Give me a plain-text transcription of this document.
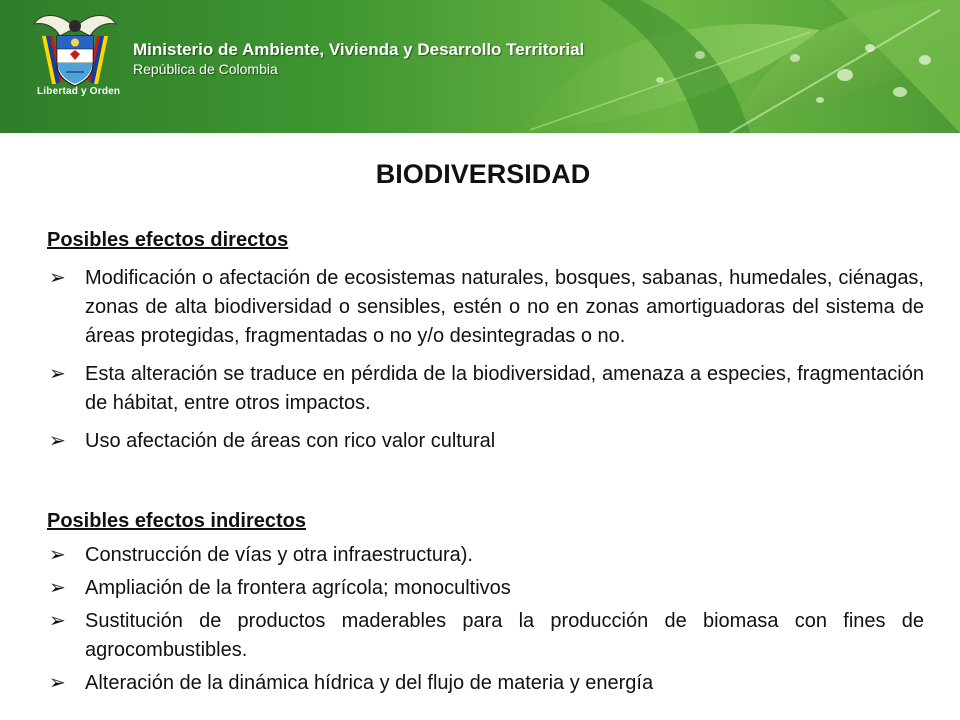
Libertad y Orden
Ministerio de Ambiente, Vivienda y Desarrollo Territorial
República de Colombia
BIODIVERSIDAD
Posibles efectos directos
➢ Modificación o afectación de ecosistemas naturales, bosques, sabanas, humedales, ciénagas, zonas de alta biodiversidad o sensibles, estén o no en zonas amortiguadoras del sistema de áreas protegidas, fragmentadas o no y/o desintegradas o no.
➢ Esta alteración se traduce en pérdida de la biodiversidad, amenaza a especies, fragmentación de hábitat, entre otros impactos.
➢ Uso afectación de áreas con rico valor cultural
Posibles efectos indirectos
➢ Construcción de vías y otra infraestructura).
➢ Ampliación de la frontera agrícola; monocultivos
➢ Sustitución de productos maderables para la producción de biomasa con fines de agrocombustibles.
➢ Alteración de la dinámica hídrica y del flujo de materia y energía
